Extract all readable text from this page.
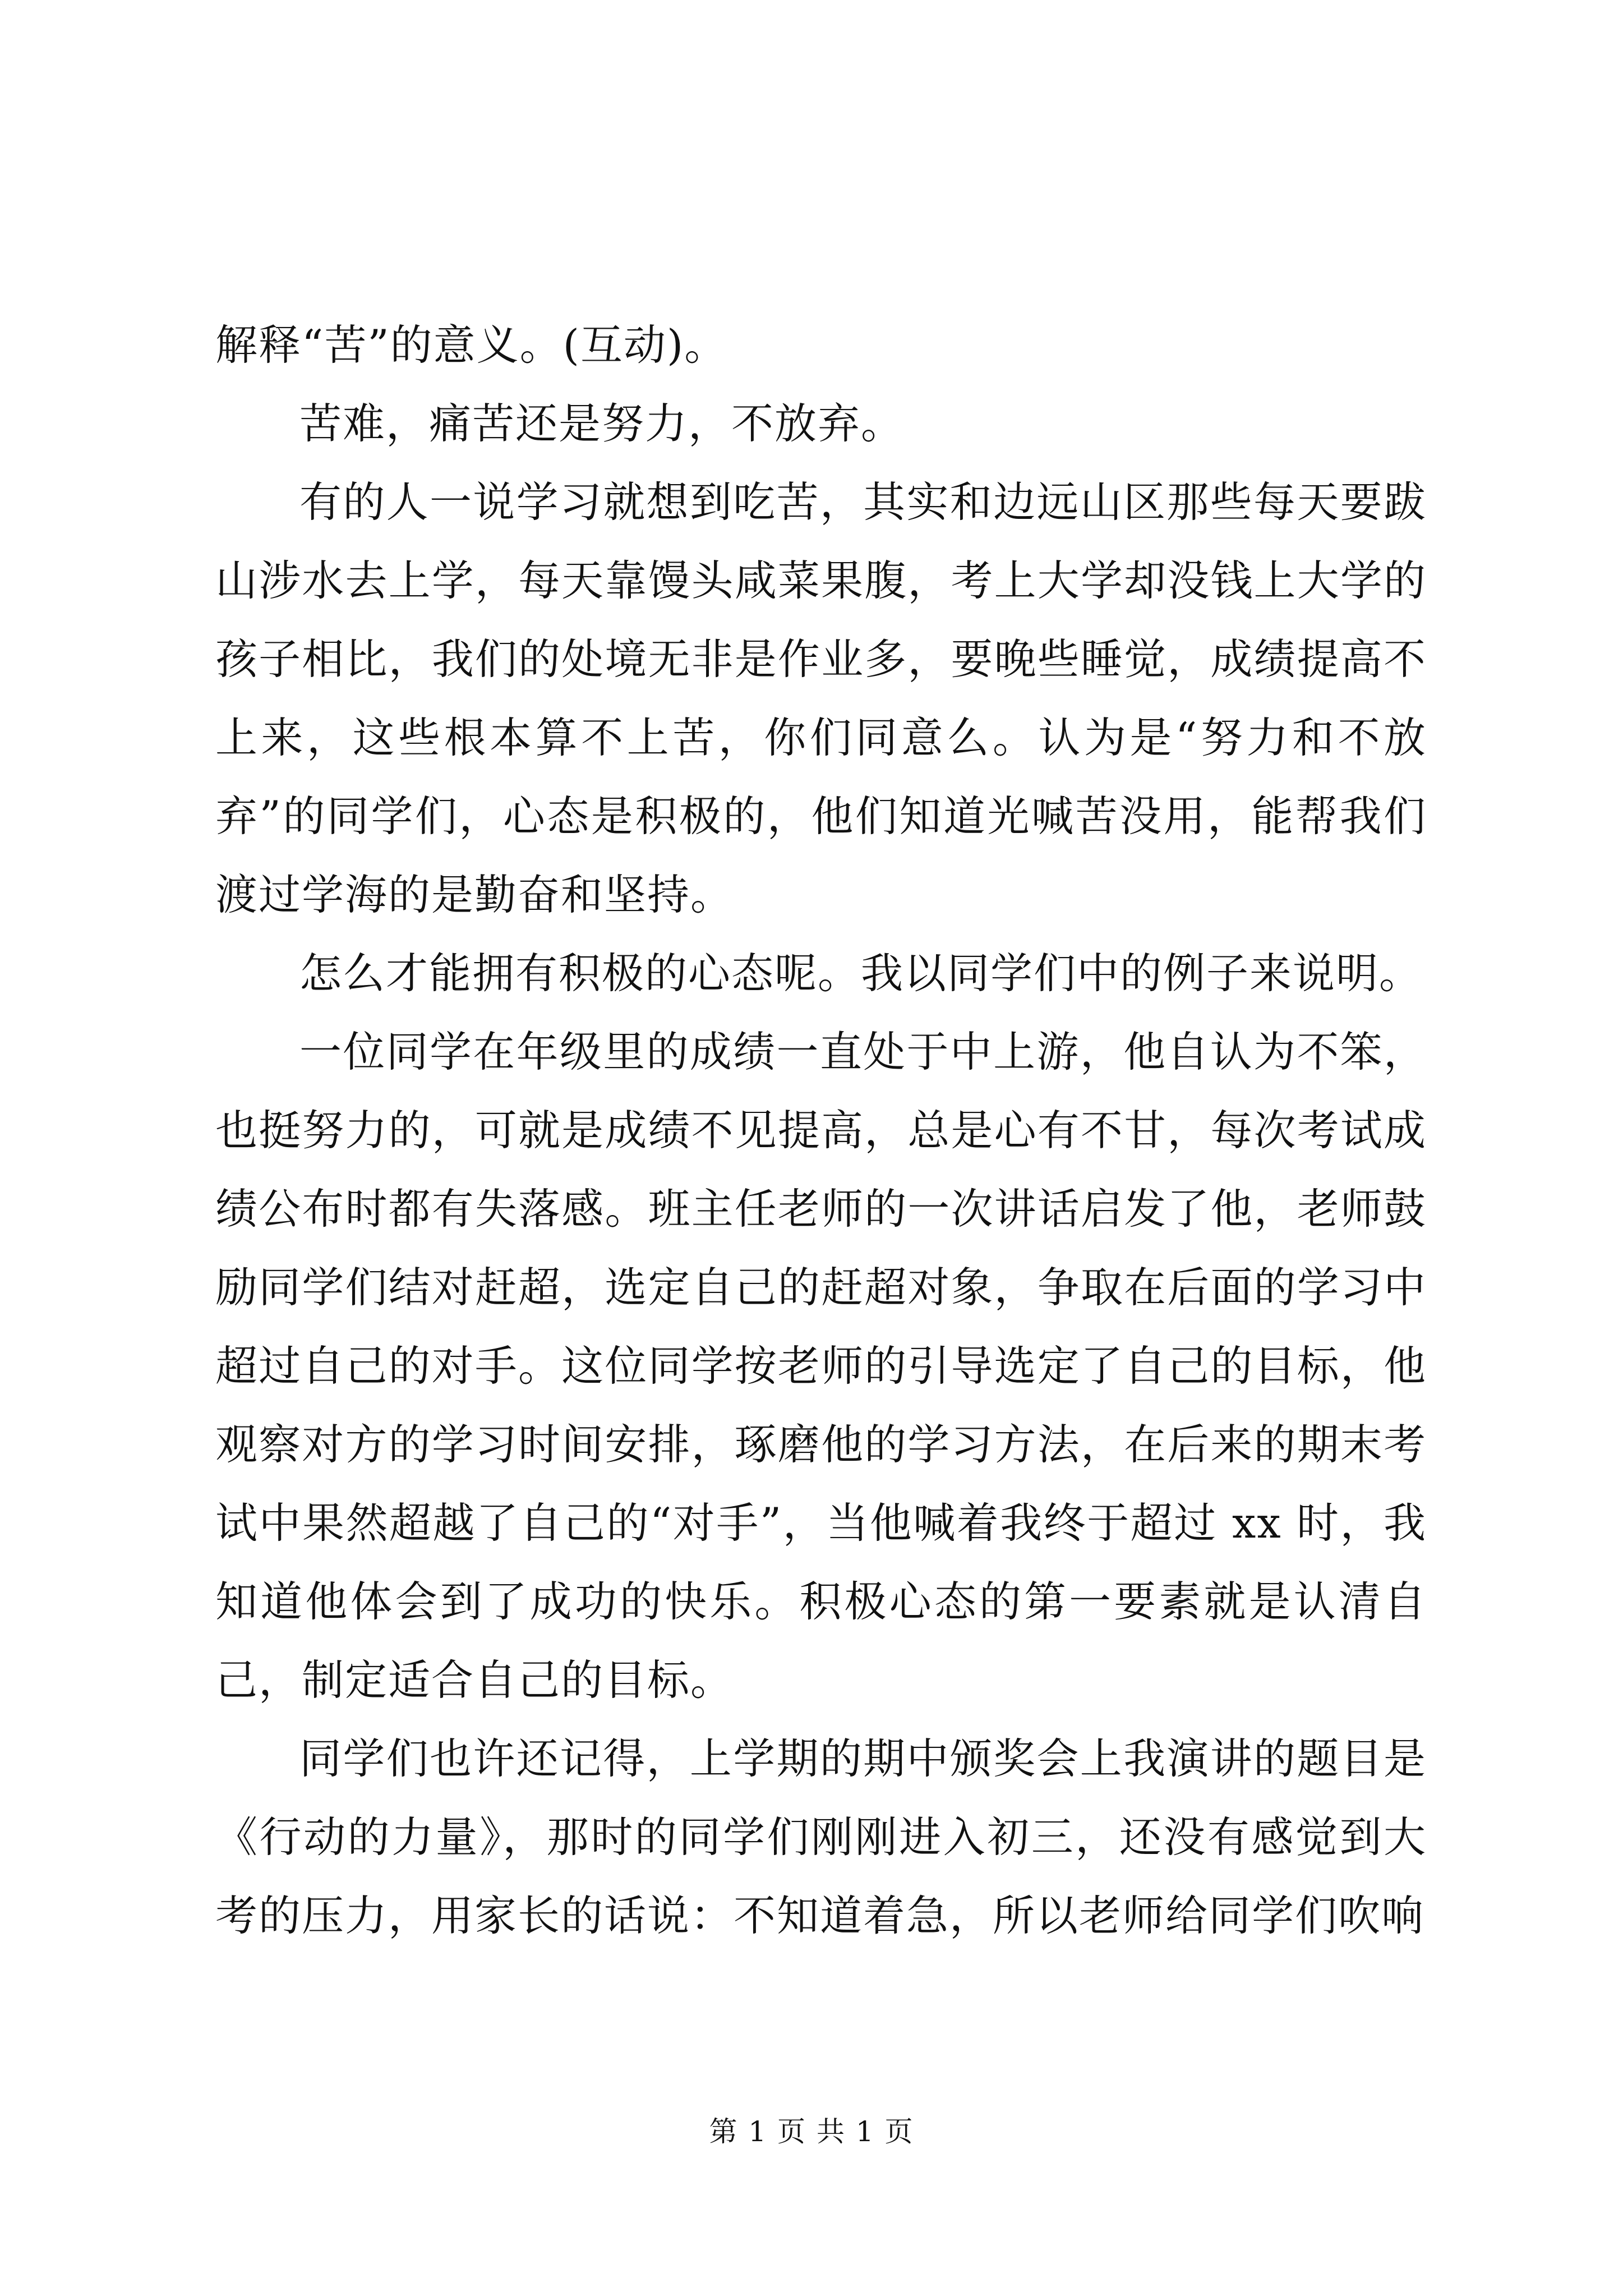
解释“苦”的意义。(互动)。

苦难，痛苦还是努力，不放弃。

有的人一说学习就想到吃苦，其实和边远山区那些每天要跋山涉水去上学，每天靠馒头咸菜果腹，考上大学却没钱上大学的孩子相比，我们的处境无非是作业多，要晚些睡觉，成绩提高不上来，这些根本算不上苦，你们同意么。认为是“努力和不放弃”的同学们，心态是积极的，他们知道光喊苦没用，能帮我们渡过学海的是勤奋和坚持。

怎么才能拥有积极的心态呢。我以同学们中的例子来说明。

一位同学在年级里的成绩一直处于中上游，他自认为不笨，也挺努力的，可就是成绩不见提高，总是心有不甘，每次考试成绩公布时都有失落感。班主任老师的一次讲话启发了他，老师鼓励同学们结对赶超，选定自己的赶超对象，争取在后面的学习中超过自己的对手。这位同学按老师的引导选定了自己的目标，他观察对方的学习时间安排，琢磨他的学习方法，在后来的期末考试中果然超越了自己的“对手”，当他喊着我终于超过 xx 时，我知道他体会到了成功的快乐。积极心态的第一要素就是认清自己，制定适合自己的目标。

同学们也许还记得，上学期的期中颁奖会上我演讲的题目是《行动的力量》，那时的同学们刚刚进入初三，还没有感觉到大考的压力，用家长的话说：不知道着急，所以老师给同学们吹响

第 1 页 共 1 页
